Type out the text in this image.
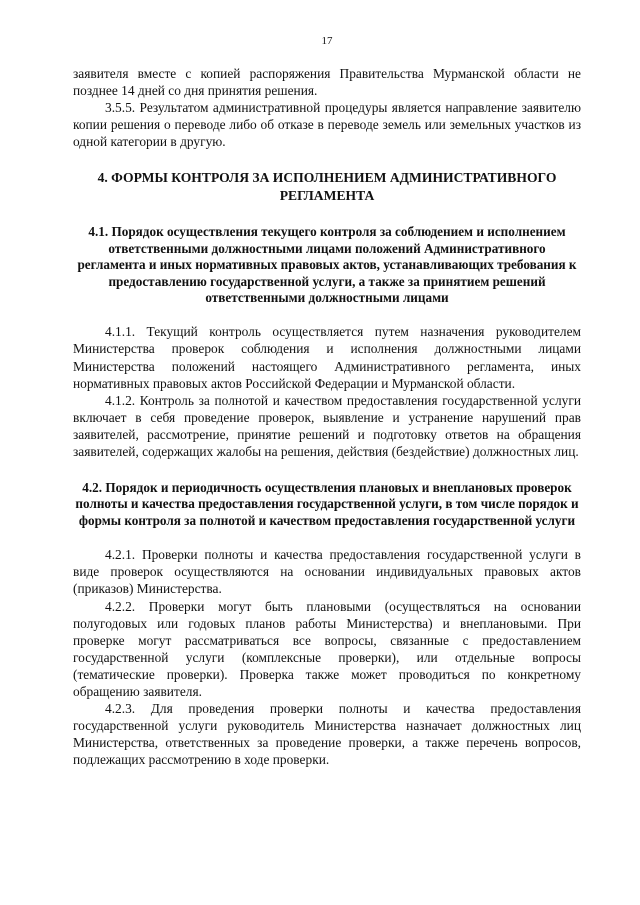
17

заявителя вместе с копией распоряжения Правительства Мурманской области не позднее 14 дней со дня принятия решения.

3.5.5. Результатом административной процедуры является направление заявителю копии решения о переводе либо об отказе в переводе земель или земельных участков из одной категории в другую.

4. ФОРМЫ КОНТРОЛЯ ЗА ИСПОЛНЕНИЕМ АДМИНИСТРАТИВНОГО РЕГЛАМЕНТА
4.1. Порядок осуществления текущего контроля за соблюдением и исполнением ответственными должностными лицами положений Административного регламента и иных нормативных правовых актов, устанавливающих требования к предоставлению государственной услуги, а также за принятием решений ответственными должностными лицами

4.1.1. Текущий контроль осуществляется путем назначения руководителем Министерства проверок соблюдения и исполнения должностными лицами Министерства положений настоящего Административного регламента, иных нормативных правовых актов Российской Федерации и Мурманской области.

4.1.2. Контроль за полнотой и качеством предоставления государственной услуги включает в себя проведение проверок, выявление и устранение нарушений прав заявителей, рассмотрение, принятие решений и подготовку ответов на обращения заявителей, содержащих жалобы на решения, действия (бездействие) должностных лиц.

4.2. Порядок и периодичность осуществления плановых и внеплановых проверок полноты и качества предоставления государственной услуги, в том числе порядок и формы контроля за полнотой и качеством предоставления государственной услуги

4.2.1. Проверки полноты и качества предоставления государственной услуги в виде проверок осуществляются на основании индивидуальных правовых актов (приказов) Министерства.

4.2.2. Проверки могут быть плановыми (осуществляться на основании полугодовых или годовых планов работы Министерства) и внеплановыми. При проверке могут рассматриваться все вопросы, связанные с предоставлением государственной услуги (комплексные проверки), или отдельные вопросы (тематические проверки). Проверка также может проводиться по конкретному обращению заявителя.

4.2.3. Для проведения проверки полноты и качества предоставления государственной услуги руководитель Министерства назначает должностных лиц Министерства, ответственных за проведение проверки, а также перечень вопросов, подлежащих рассмотрению в ходе проверки.
